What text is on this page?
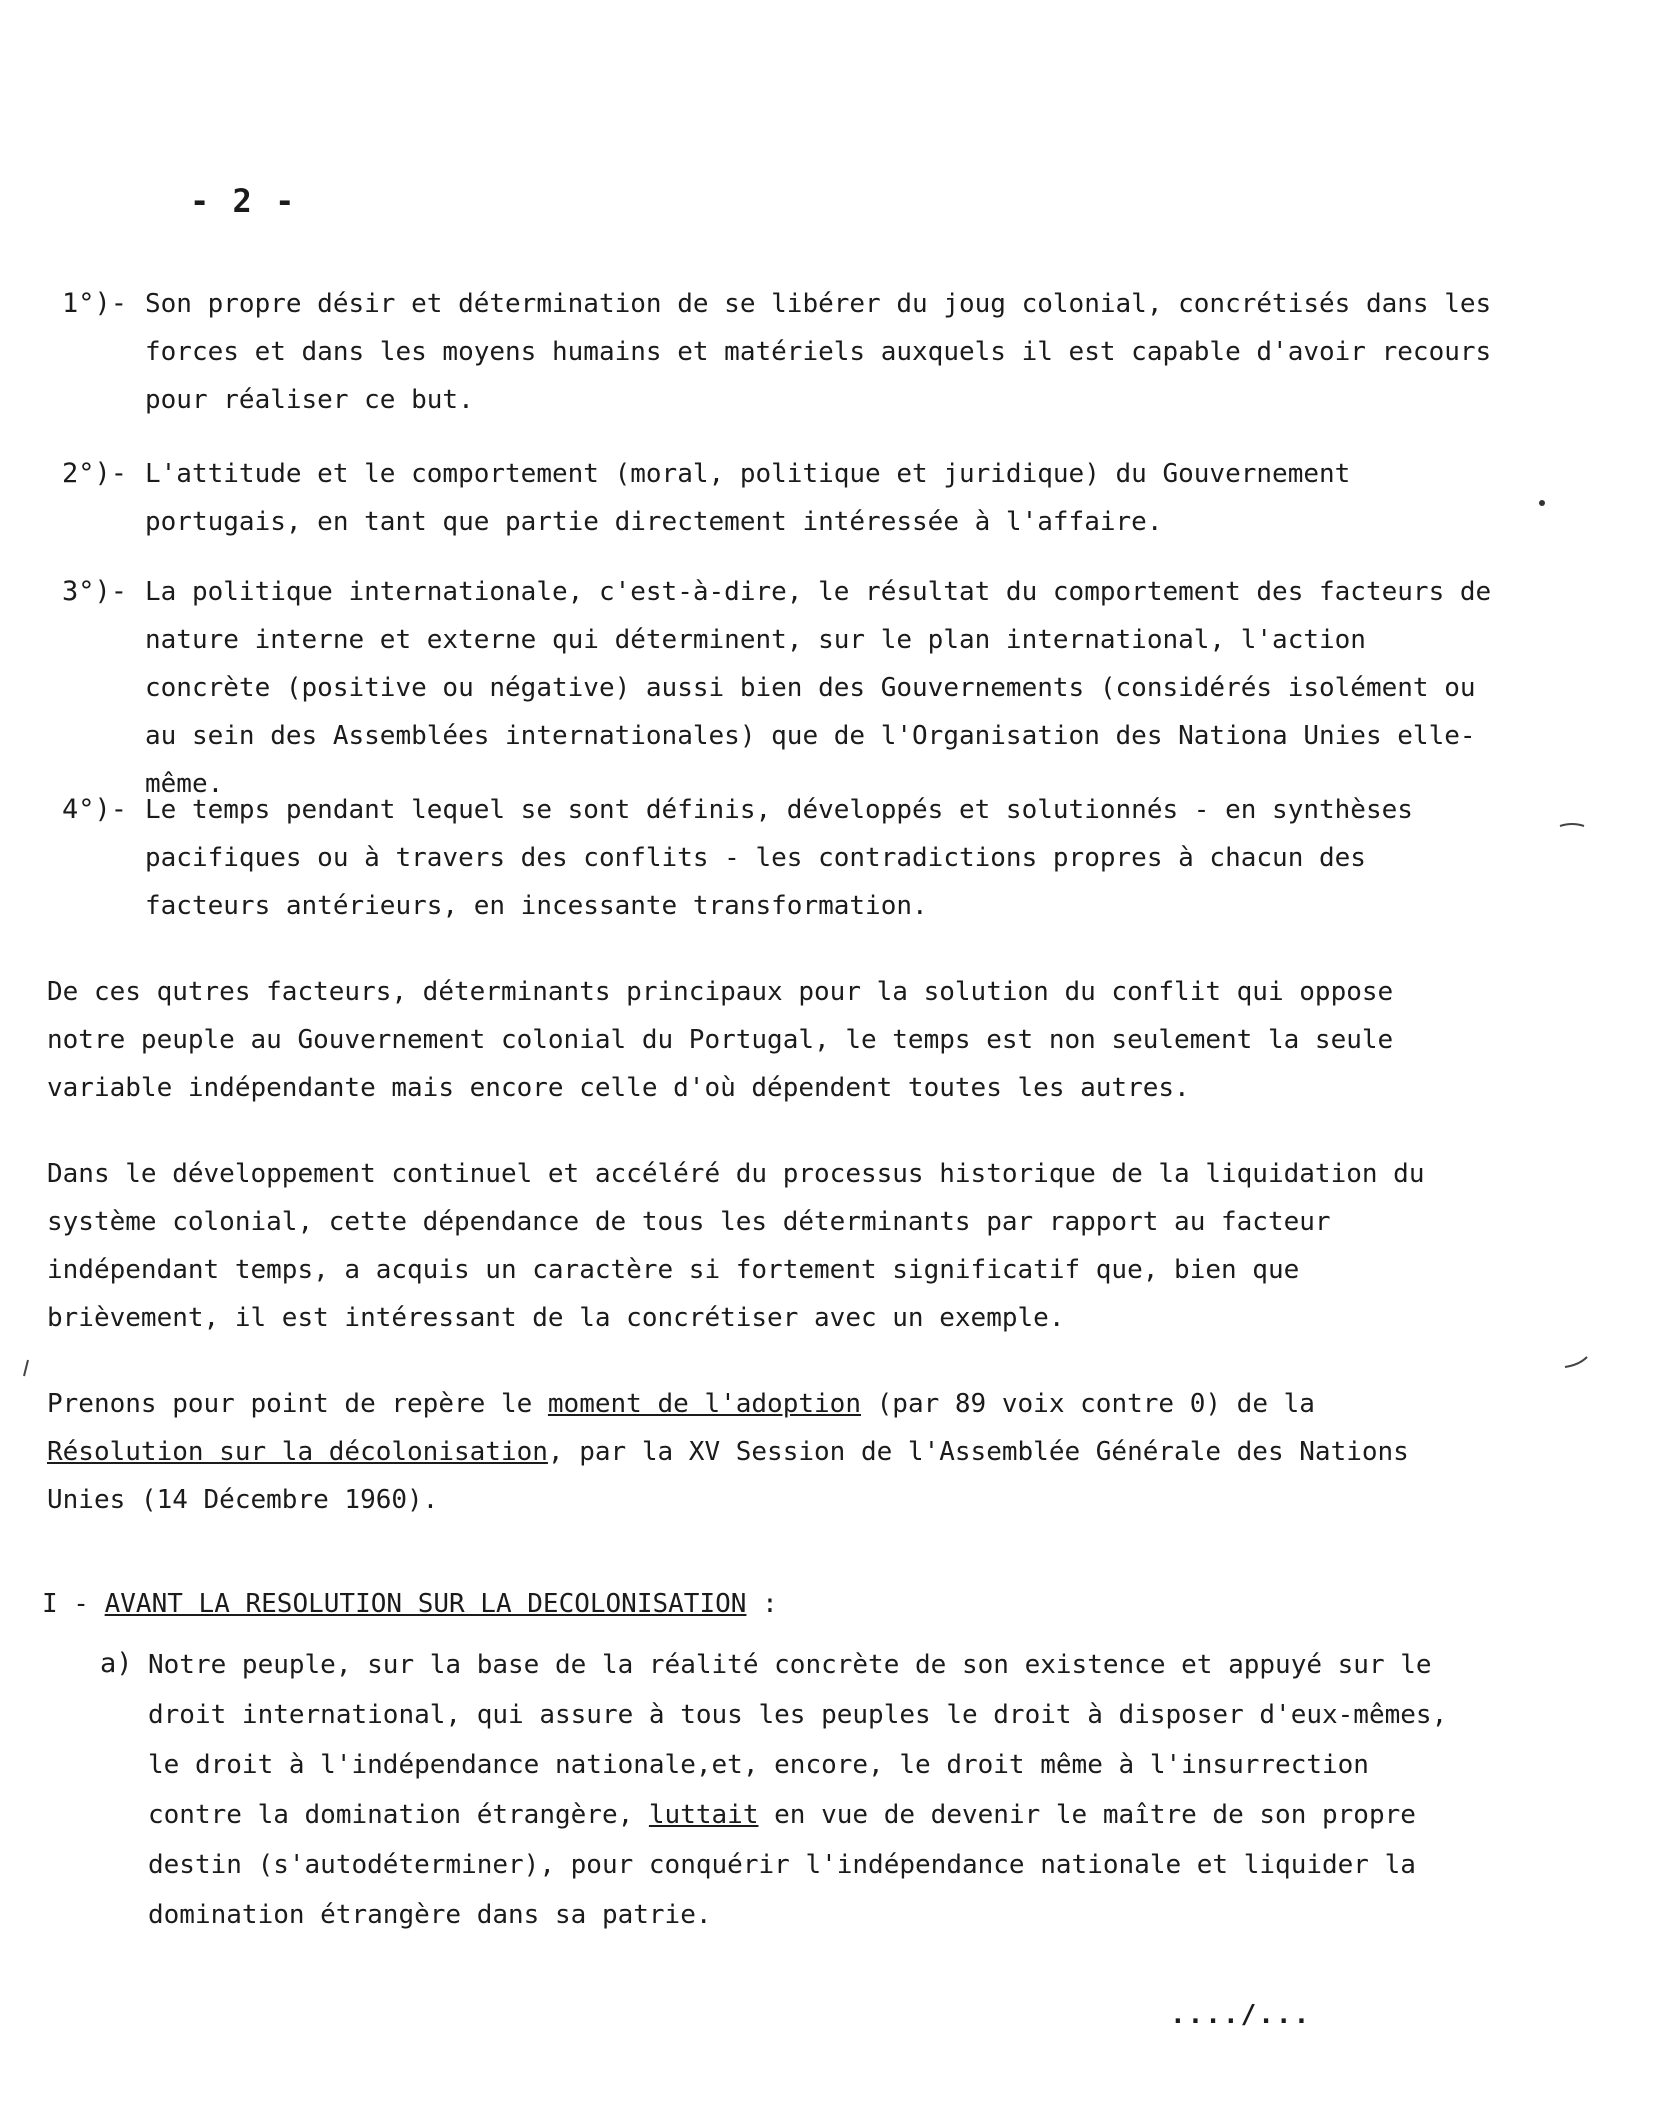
- 2 -
1°)- Son propre désir et détermination de se libérer du joug colonial, concrétisés dans les forces et dans les moyens humains et matériels auxquels il est capable d'avoir recours pour réaliser ce but.
2°)- L'attitude et le comportement (moral, politique et juridique) du Gouvernement portugais, en tant que partie directement intéressée à l'affaire.
3°)- La politique internationale, c'est-à-dire, le résultat du comportement des facteurs de nature interne et externe qui déterminent, sur le plan international, l'action concrète (positive ou négative) aussi bien des Gouvernements (considérés isolément ou au sein des Assemblées internationales) que de l'Organisation des Nationa Unies elle-même.
4°)- Le temps pendant lequel se sont définis, développés et solutionnés - en synthèses pacifiques ou à travers des conflits - les contradictions propres à chacun des facteurs antérieurs, en incessante transformation.
De ces qutres facteurs, déterminants principaux pour la solution du conflit qui oppose notre peuple au Gouvernement colonial du Portugal, le temps est non seulement la seule variable indépendante mais encore celle d'où dépendent toutes les autres.
Dans le développement continuel et accéléré du processus historique de la liquidation du système colonial, cette dépendance de tous les déterminants par rapport au facteur indépendant temps, a acquis un caractère si fortement significatif que, bien que brièvement, il est intéressant de la concrétiser avec un exemple.
Prenons pour point de repère le moment de l'adoption (par 89 voix contre 0) de la Résolution sur la décolonisation, par la XV Session de l'Assemblée Générale des Nations Unies (14 Décembre 1960).
I - AVANT LA RESOLUTION SUR LA DECOLONISATION :
a) Notre peuple, sur la base de la réalité concrète de son existence et appuyé sur le droit international, qui assure à tous les peuples le droit à disposer d'eux-mêmes, le droit à l'indépendance nationale,et, encore, le droit même à l'insurrection contre la domination étrangère, luttait en vue de devenir le maître de son propre destin (s'autodéterminer), pour conquérir l'indépendance nationale et liquider la domination étrangère dans sa patrie.
..../...
